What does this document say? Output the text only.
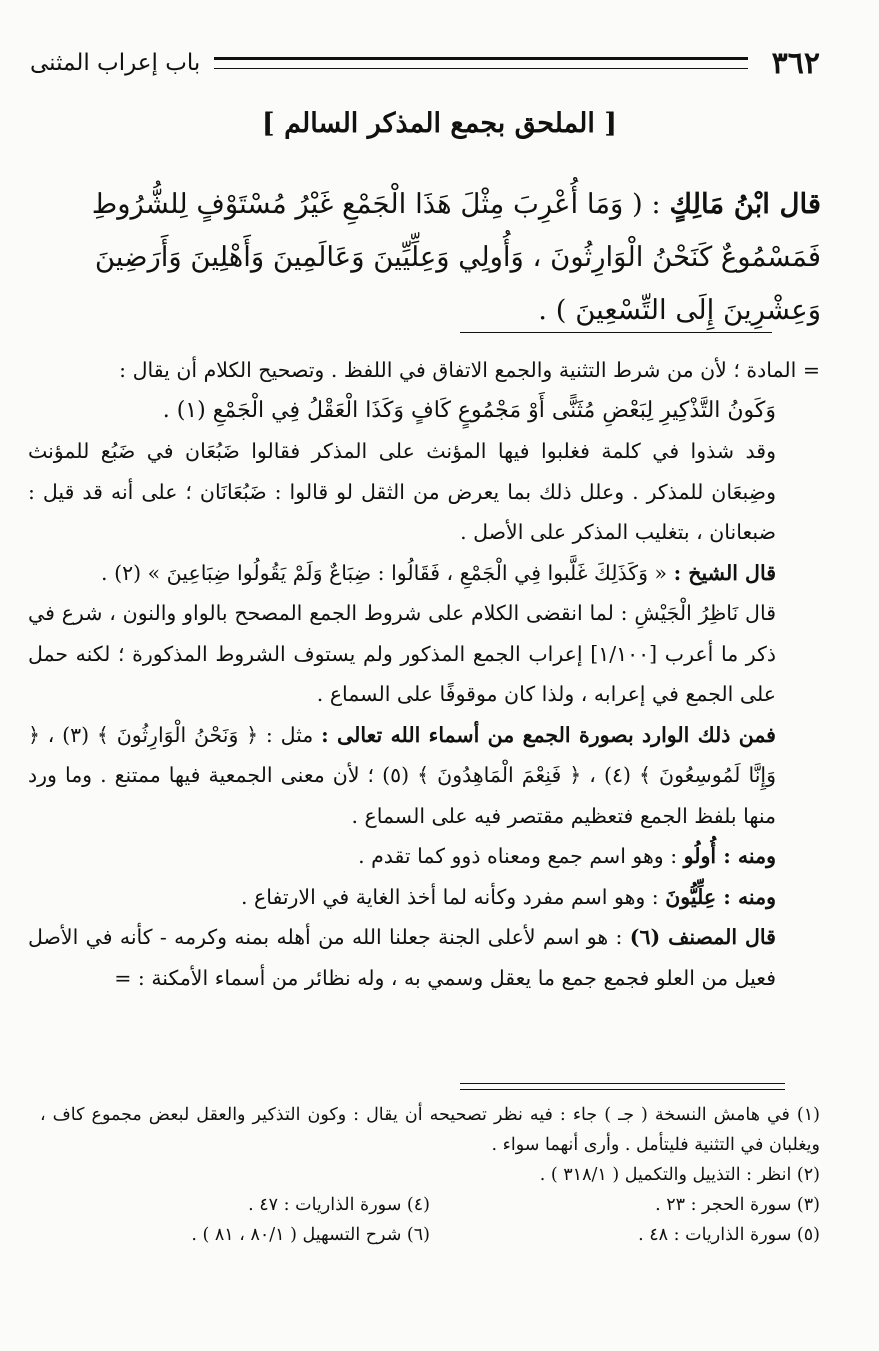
٣٦٢
باب إعراب المثنى
[ الملحق بجمع المذكر السالم ]
قال ابْنُ مَالِكٍ : ( وَمَا أُعْرِبَ مِثْلَ هَذَا الْجَمْعِ غَيْرُ مُسْتَوْفٍ لِلشُّرُوطِ
فَمَسْمُوعٌ كَنَحْنُ الْوَارِثُونَ ، وَأُولِي وَعِلِّيِّينَ وَعَالَمِينَ وَأَهْلِينَ وَأَرَضِينَ
وَعِشْرِينَ إِلَى التِّسْعِينَ ) .

= المادة ؛ لأن من شرط التثنية والجمع الاتفاق في اللفظ . وتصحيح الكلام أن يقال :

وَكَونُ التَّذْكِيرِ لِبَعْضِ مُثَنًّى أَوْ مَجْمُوعٍ كَافٍ وَكَذَا الْعَقْلُ فِي الْجَمْعِ (١) .

وقد شذوا في كلمة فغلبوا فيها المؤنث على المذكر فقالوا ضَبُعَان في ضَبُع للمؤنث وضِبعَان للمذكر . وعلل ذلك بما يعرض من الثقل لو قالوا : ضَبُعَانَان ؛ على أنه قد قيل : ضبعانان ، بتغليب المذكر على الأصل .

قال الشيخ : « وَكَذَلِكَ غَلَّبوا فِي الْجَمْعِ ، فَقَالُوا : ضِبَاعٌ وَلَمْ يَقُولُوا ضِبَاعِينَ » (٢) .

قال نَاظِرُ الْجَيْشِ : لما انقضى الكلام على شروط الجمع المصحح بالواو والنون ، شرع في ذكر ما أعرب [١/١٠٠] إعراب الجمع المذكور ولم يستوف الشروط المذكورة ؛ لكنه حمل على الجمع في إعرابه ، ولذا كان موقوفًا على السماع .

فمن ذلك الوارد بصورة الجمع من أسماء الله تعالى : مثل : ﴿ وَنَحْنُ الْوَارِثُونَ ﴾ (٣) ، ﴿ وَإِنَّا لَمُوسِعُونَ ﴾ (٤) ، ﴿ فَنِعْمَ الْمَاهِدُونَ ﴾ (٥) ؛ لأن معنى الجمعية فيها ممتنع . وما ورد منها بلفظ الجمع فتعظيم مقتصر فيه على السماع .

ومنه : أُولُو : وهو اسم جمع ومعناه ذوو كما تقدم .

ومنه : عِلِّيُّونَ : وهو اسم مفرد وكأنه لما أخذ الغاية في الارتفاع .

قال المصنف (٦) : هو اسم لأعلى الجنة جعلنا الله من أهله بمنه وكرمه - كأنه في الأصل فعيل من العلو فجمع جمع ما يعقل وسمي به ، وله نظائر من أسماء الأمكنة : =

(١) في هامش النسخة ( جـ ) جاء : فيه نظر تصحيحه أن يقال : وكون التذكير والعقل لبعض مجموع كاف ، ويغلبان في التثنية فليتأمل . وأرى أنهما سواء .

(٢) انظر : التذييل والتكميل ( ٣١٨/١ ) .

(٣) سورة الحجر : ٢٣ .
(٤) سورة الذاريات : ٤٧ .
(٥) سورة الذاريات : ٤٨ .
(٦) شرح التسهيل ( ٨٠/١ ، ٨١ ) .
